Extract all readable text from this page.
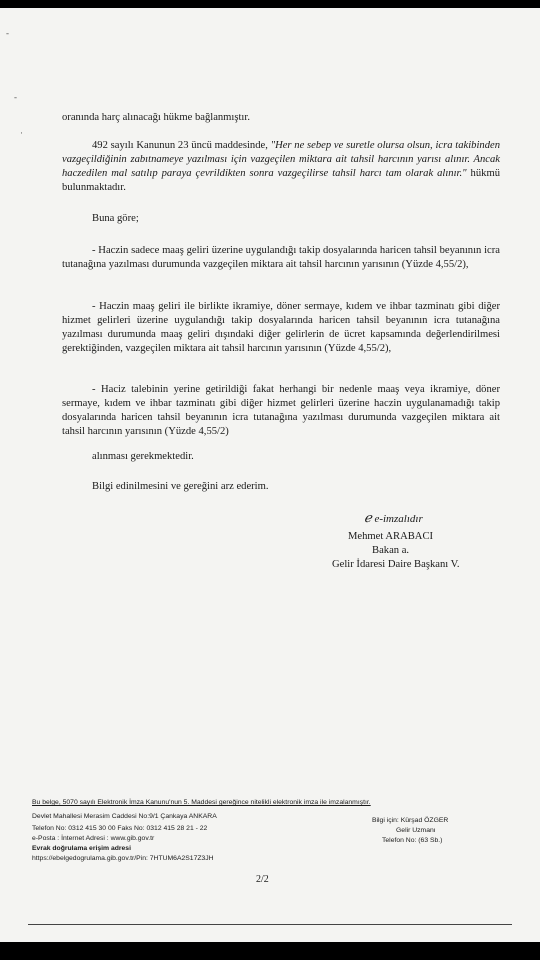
-
-
·
oranında harç alınacağı hükme bağlanmıştır.
492 sayılı Kanunun 23 üncü maddesinde, "Her ne sebep ve suretle olursa olsun, icra takibinden vazgeçildiğinin zabıtnameye yazılması için vazgeçilen miktara ait tahsil harcının yarısı alınır. Ancak haczedilen mal satılıp paraya çevrildikten sonra vazgeçilirse tahsil harcı tam olarak alınır." hükmü bulunmaktadır.
Buna göre;
- Haczin sadece maaş geliri üzerine uygulandığı takip dosyalarında haricen tahsil beyanının icra tutanağına yazılması durumunda vazgeçilen miktara ait tahsil harcının yarısının (Yüzde 4,55/2),
- Haczin maaş geliri ile birlikte ikramiye, döner sermaye, kıdem ve ihbar tazminatı gibi diğer hizmet gelirleri üzerine uygulandığı takip dosyalarında haricen tahsil beyanının icra tutanağına yazılması durumunda maaş geliri dışındaki diğer gelirlerin de ücret kapsamında değerlendirilmesi gerektiğinden, vazgeçilen miktara ait tahsil harcının yarısının (Yüzde 4,55/2),
- Haciz talebinin yerine getirildiği fakat herhangi bir nedenle maaş veya ikramiye, döner sermaye, kıdem ve ihbar tazminatı gibi diğer hizmet gelirleri üzerine haczin uygulanamadığı takip dosyalarında haricen tahsil beyanının icra tutanağına yazılması durumunda vazgeçilen miktara ait tahsil harcının yarısının (Yüzde 4,55/2)
alınması gerekmektedir.
Bilgi edinilmesini ve gereğini arz ederim.
ℯ e-imzalıdır
Mehmet ARABACI
Bakan a.
Gelir İdaresi Daire Başkanı V.
Bu belge, 5070 sayılı Elektronik İmza Kanunu'nun 5. Maddesi gereğince nitelikli elektronik imza ile imzalanmıştır.
Devlet Mahallesi Merasim Caddesi No:9/1 Çankaya ANKARA
Telefon No: 0312 415 30 00 Faks No: 0312 415 28 21 - 22
e-Posta : İnternet Adresi : www.gib.gov.tr
Evrak doğrulama erişim adresi
https://ebelgedogrulama.gib.gov.tr/Pin: 7HTUM6A2S17Z3JH
Bilgi için: Kürşad ÖZGER
Gelir Uzmanı
Telefon No: (63 Sb.)
2/2
